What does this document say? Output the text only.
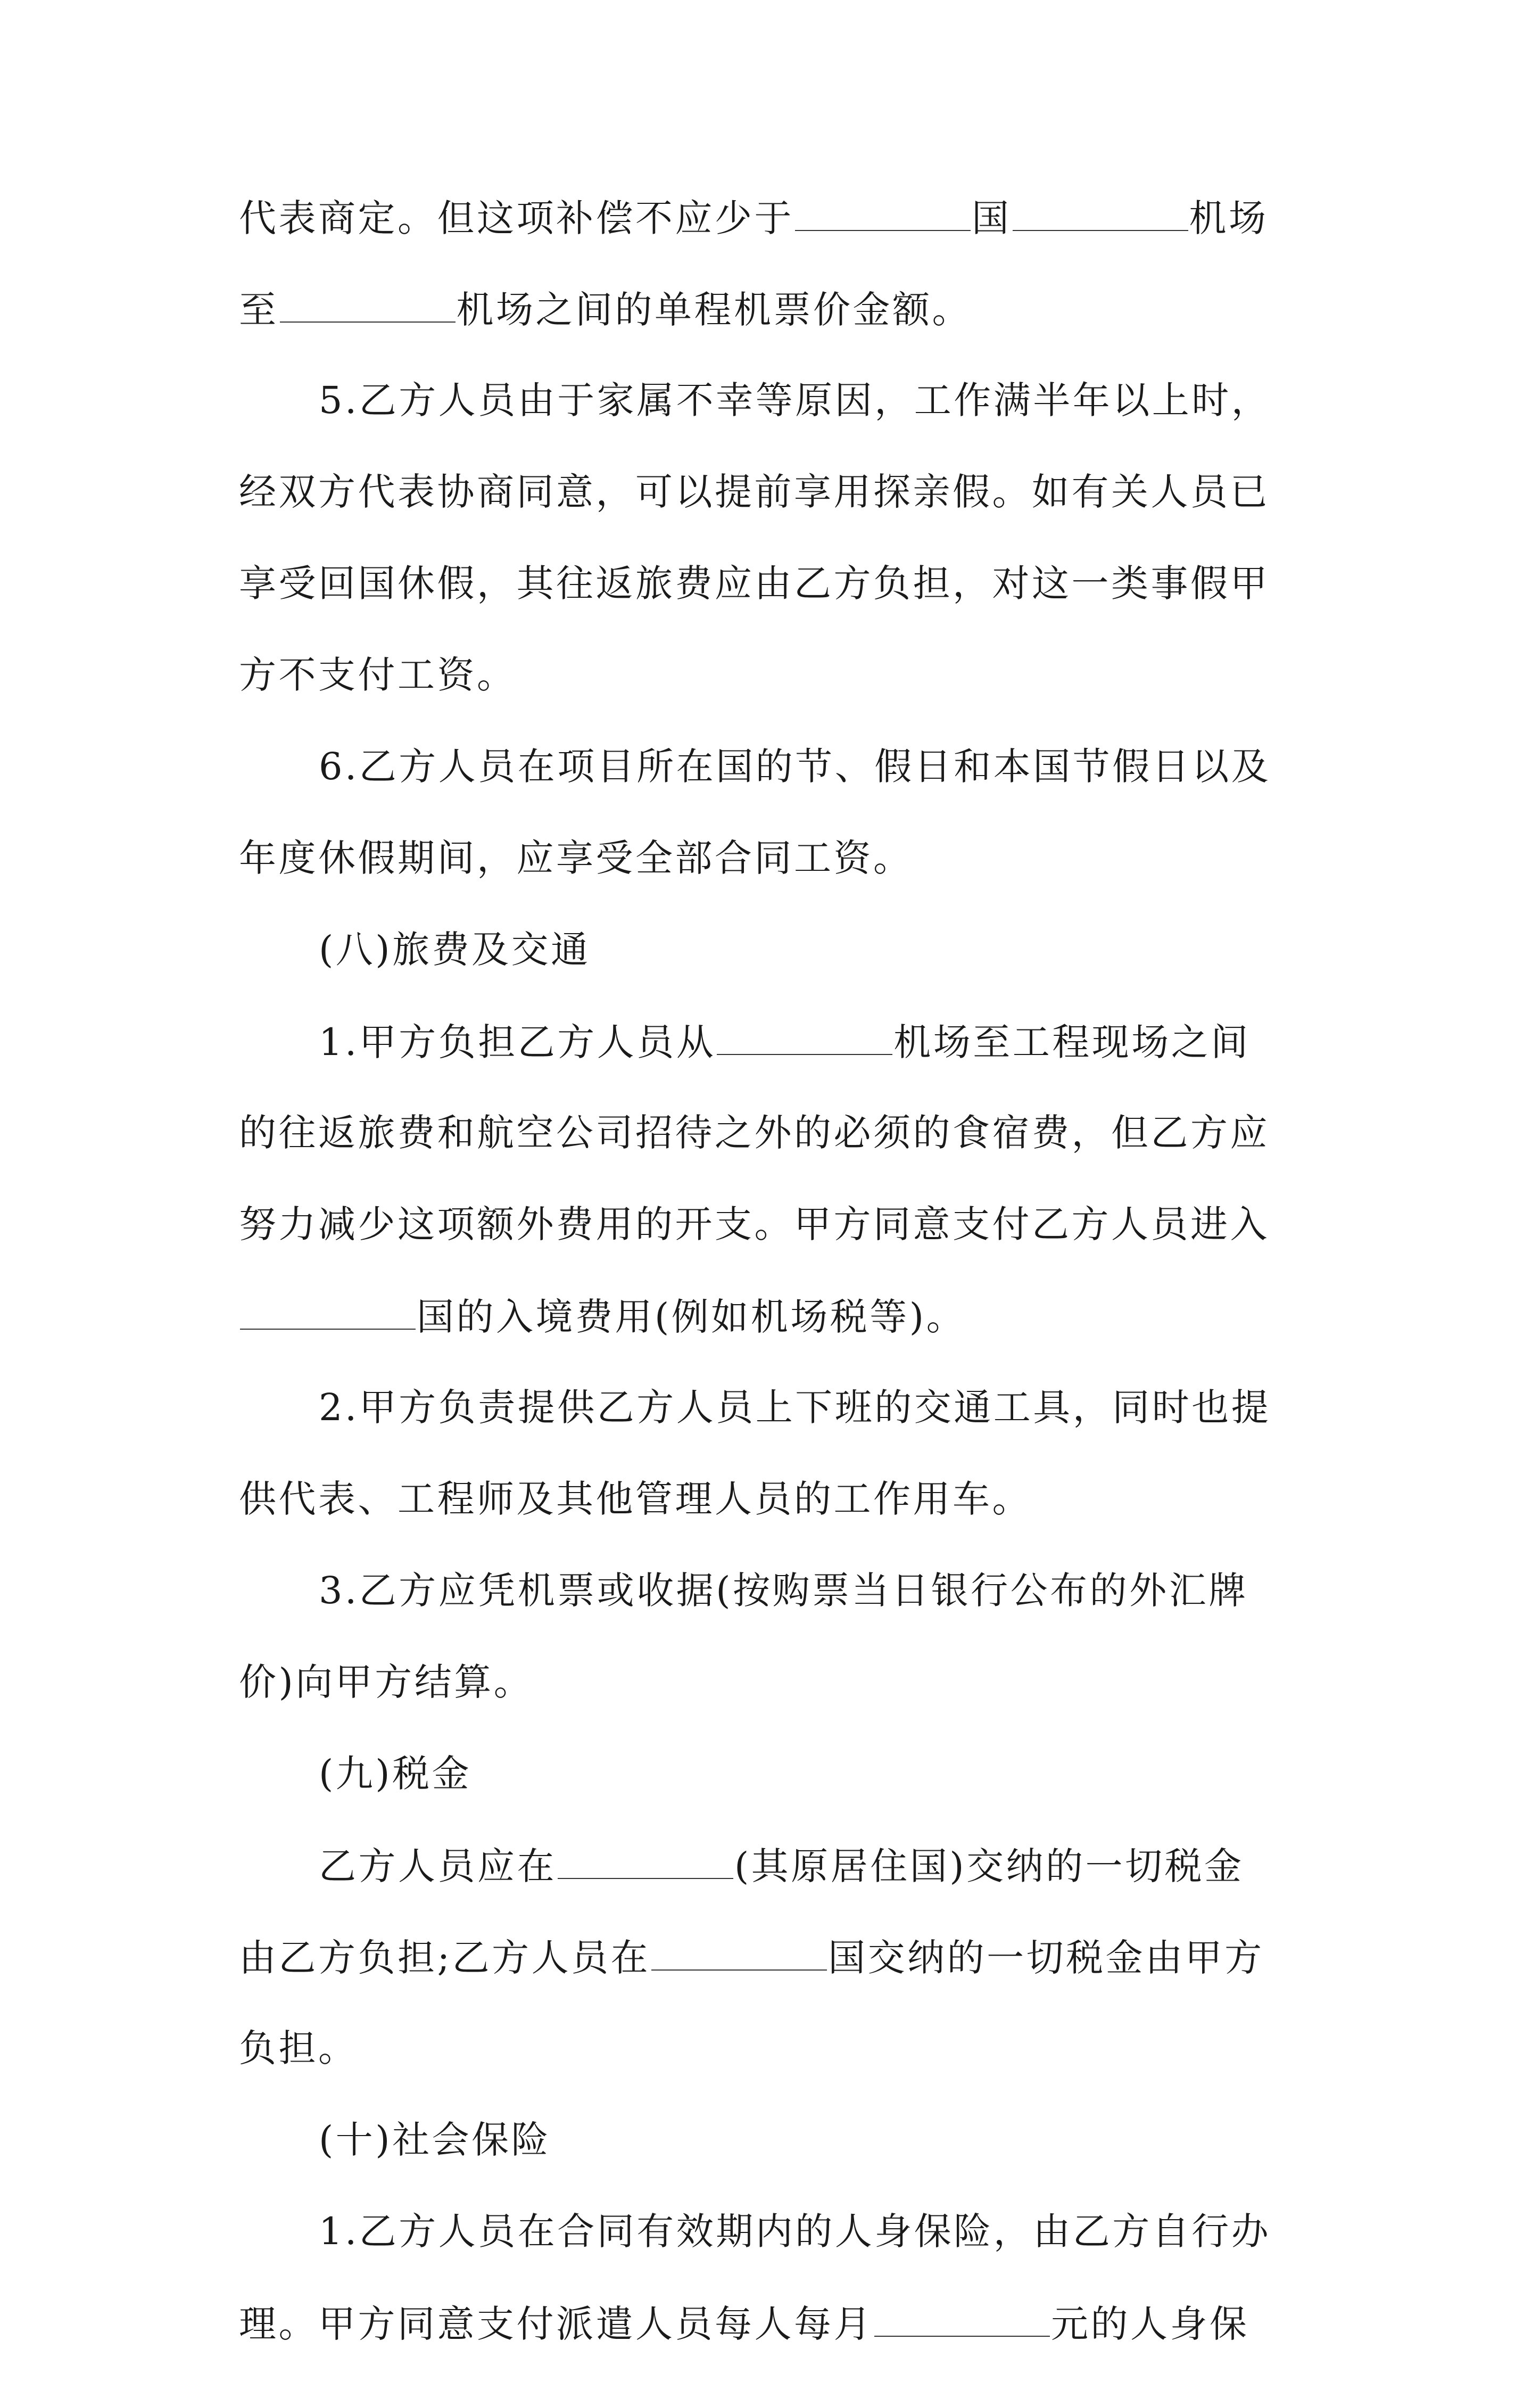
代表商定。但这项补偿不应少于	国	机场
至	机场之间的单程机票价金额。
5.乙方人员由于家属不幸等原因，工作满半年以上时，
经双方代表协商同意，可以提前享用探亲假。如有关人员已
享受回国休假，其往返旅费应由乙方负担，对这一类事假甲
方不支付工资。
6.乙方人员在项目所在国的节、假日和本国节假日以及
年度休假期间，应享受全部合同工资。
(八)旅费及交通
1.甲方负担乙方人员从	机场至工程现场之间
的往返旅费和航空公司招待之外的必须的食宿费，但乙方应
努力减少这项额外费用的开支。甲方同意支付乙方人员进入
国的入境费用(例如机场税等)。
2.甲方负责提供乙方人员上下班的交通工具，同时也提
供代表、工程师及其他管理人员的工作用车。
3.乙方应凭机票或收据(按购票当日银行公布的外汇牌
价)向甲方结算。
(九)税金
乙方人员应在	(其原居住国)交纳的一切税金
由乙方负担;乙方人员在	国交纳的一切税金由甲方
负担。
(十)社会保险
1.乙方人员在合同有效期内的人身保险，由乙方自行办
理。甲方同意支付派遣人员每人每月	元的人身保
